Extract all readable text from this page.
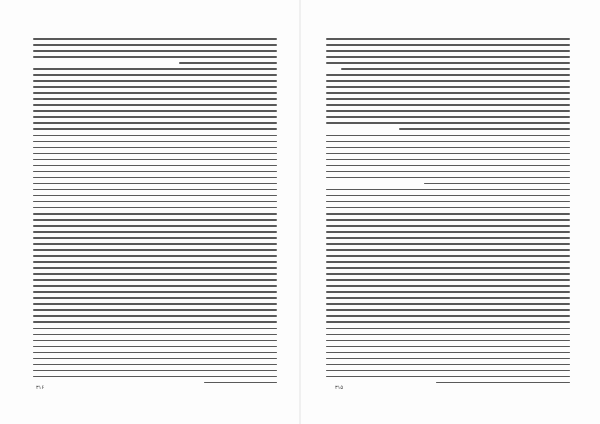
۳۱۵
۳۱۶
